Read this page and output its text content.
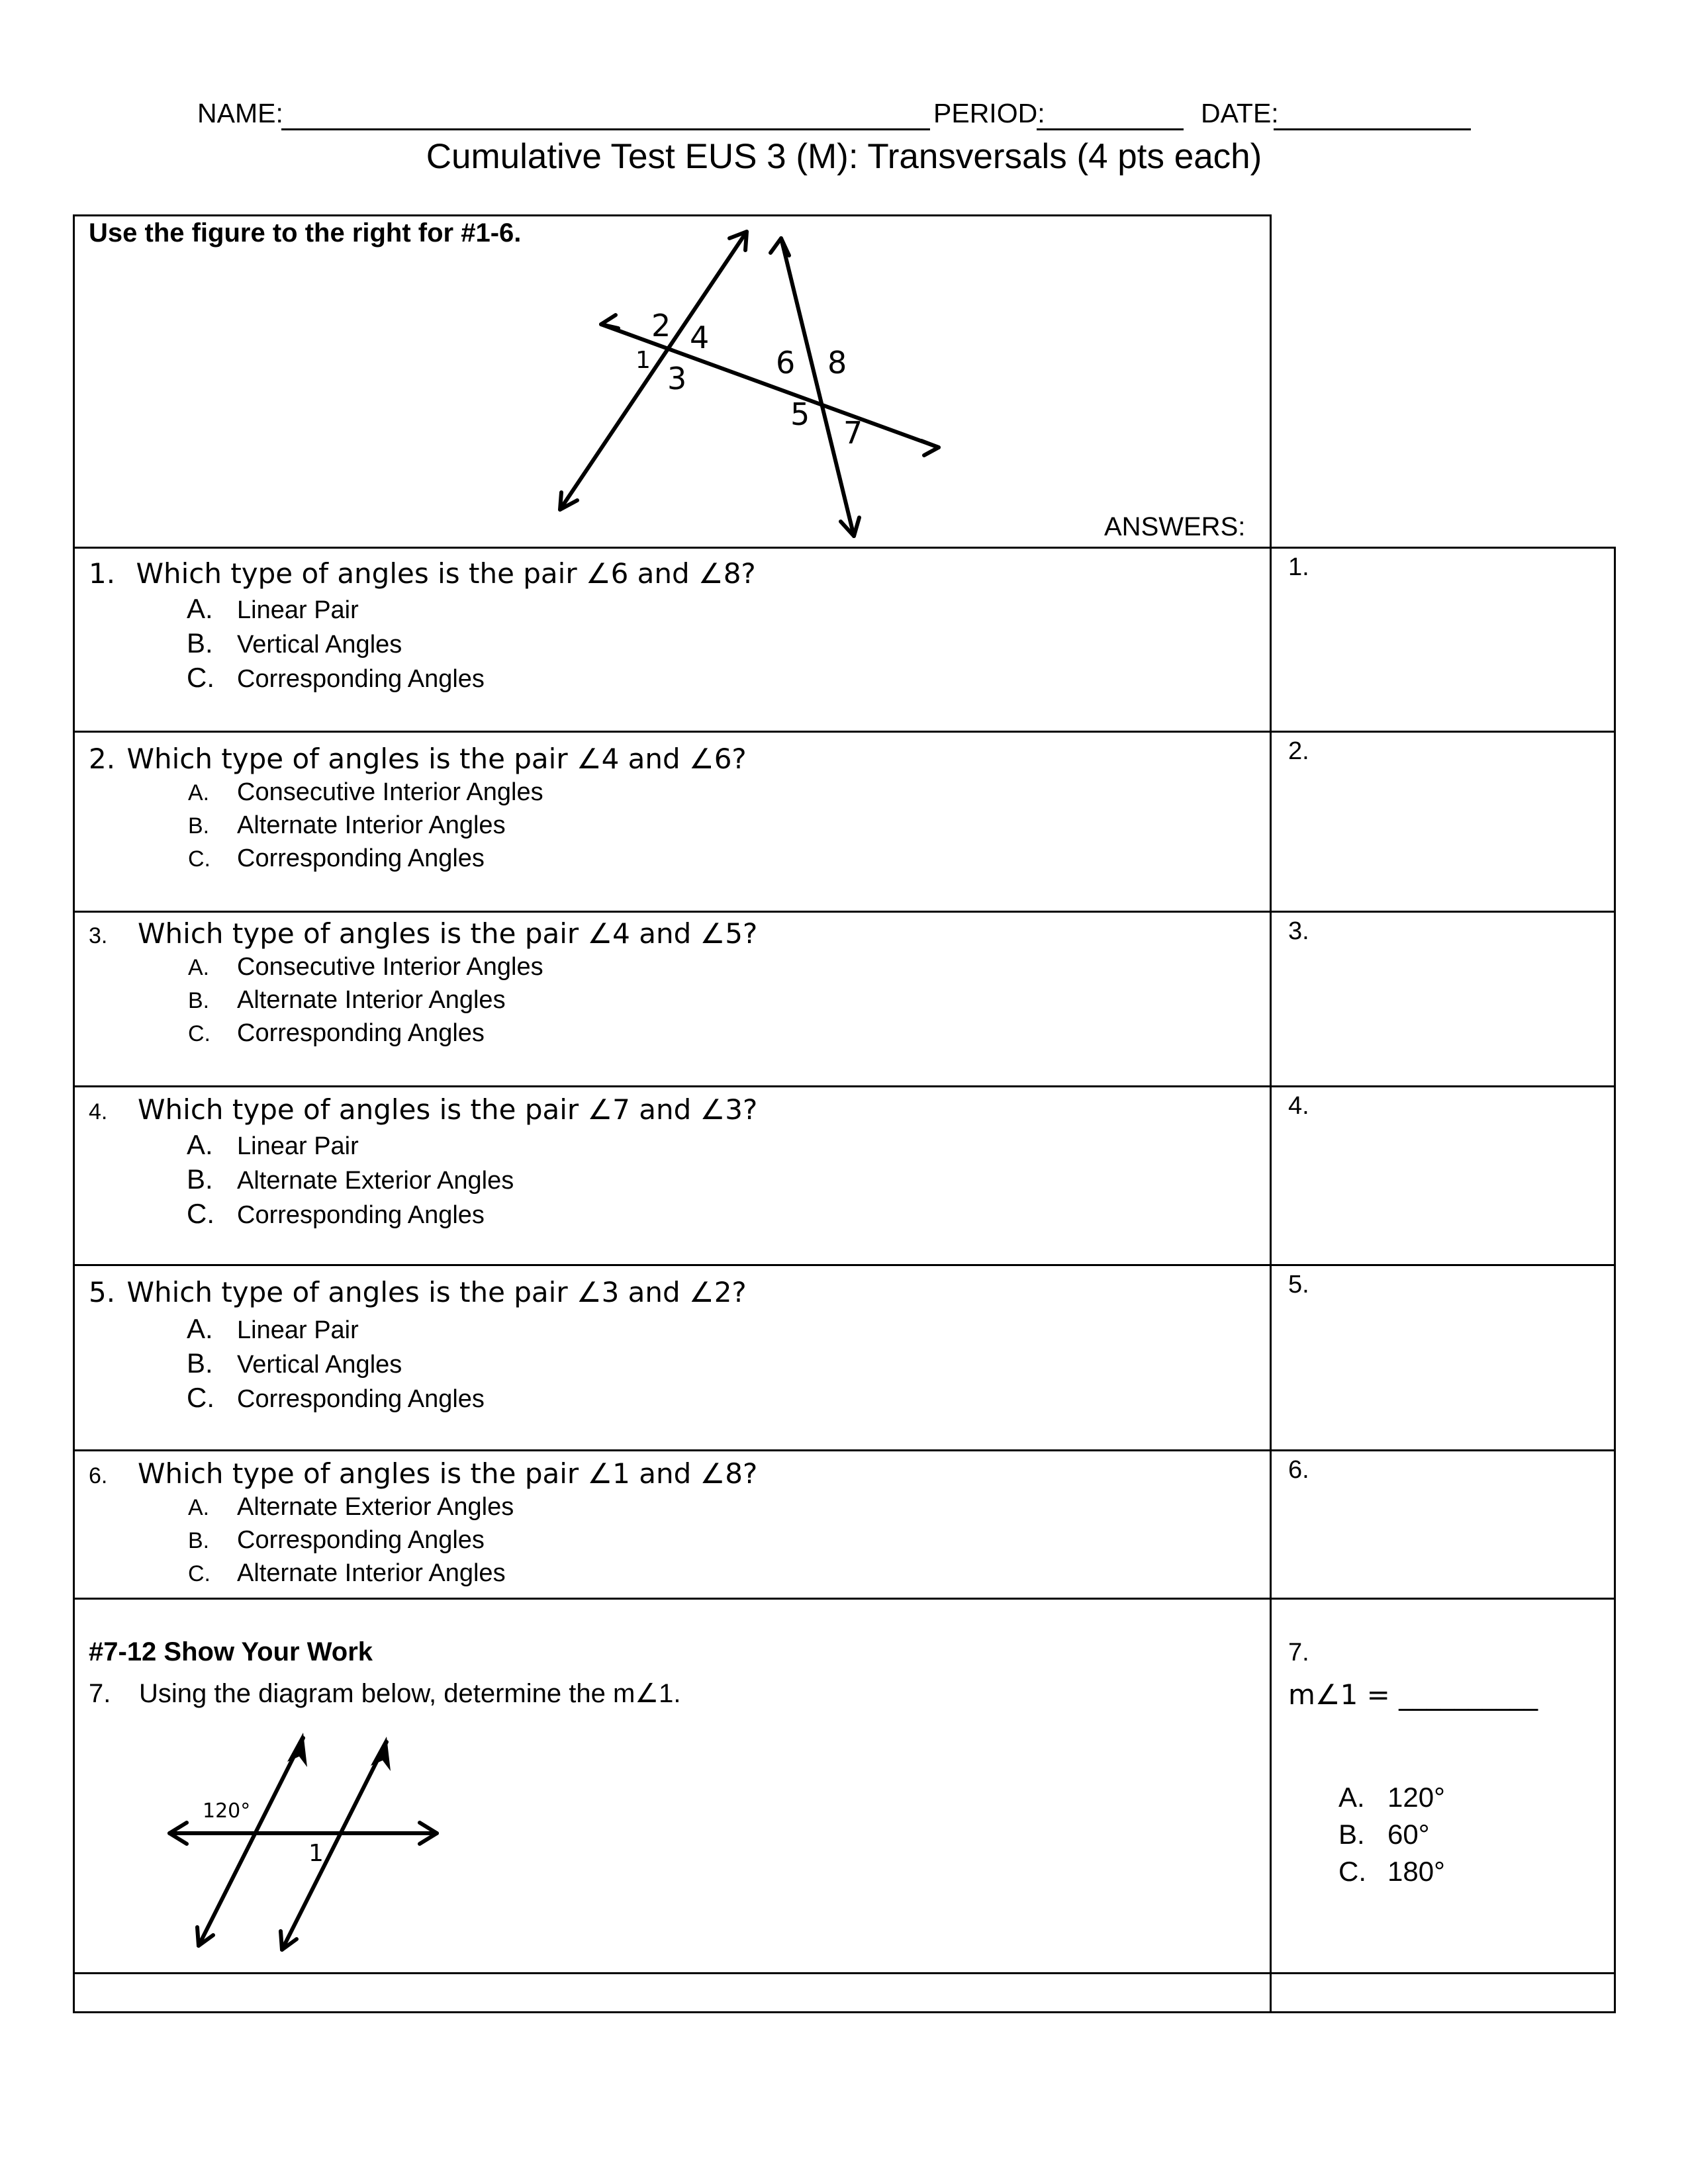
NAME:	PERIOD:	DATE:
Cumulative Test EUS 3 (M): Transversals (4 pts each)
Use the figure to the right for #1-6.
ANSWERS:
2 4
1
3	6 8
5
7
1. Which type of angles is the pair ∠6 and ∠8?
A. Linear Pair
B. Vertical Angles
C. Corresponding Angles
1.
2. Which type of angles is the pair ∠4 and ∠6?
A. Consecutive Interior Angles
B. Alternate Interior Angles
C. Corresponding Angles
2.
3. Which type of angles is the pair ∠4 and ∠5?
A. Consecutive Interior Angles
B. Alternate Interior Angles
C. Corresponding Angles
3.
4. Which type of angles is the pair ∠7 and ∠3?
A. Linear Pair
B. Alternate Exterior Angles
C. Corresponding Angles
4.
5. Which type of angles is the pair ∠3 and ∠2?
A. Linear Pair
B. Vertical Angles
C. Corresponding Angles
5.
6. Which type of angles is the pair ∠1 and ∠8?
A. Alternate Exterior Angles
B. Corresponding Angles
C. Alternate Interior Angles
6.
#7-12 Show Your Work
7. Using the diagram below, determine the m∠1.
120°
1
7.
m∠1 = __________
A. 120°
B. 60°
C. 180°
